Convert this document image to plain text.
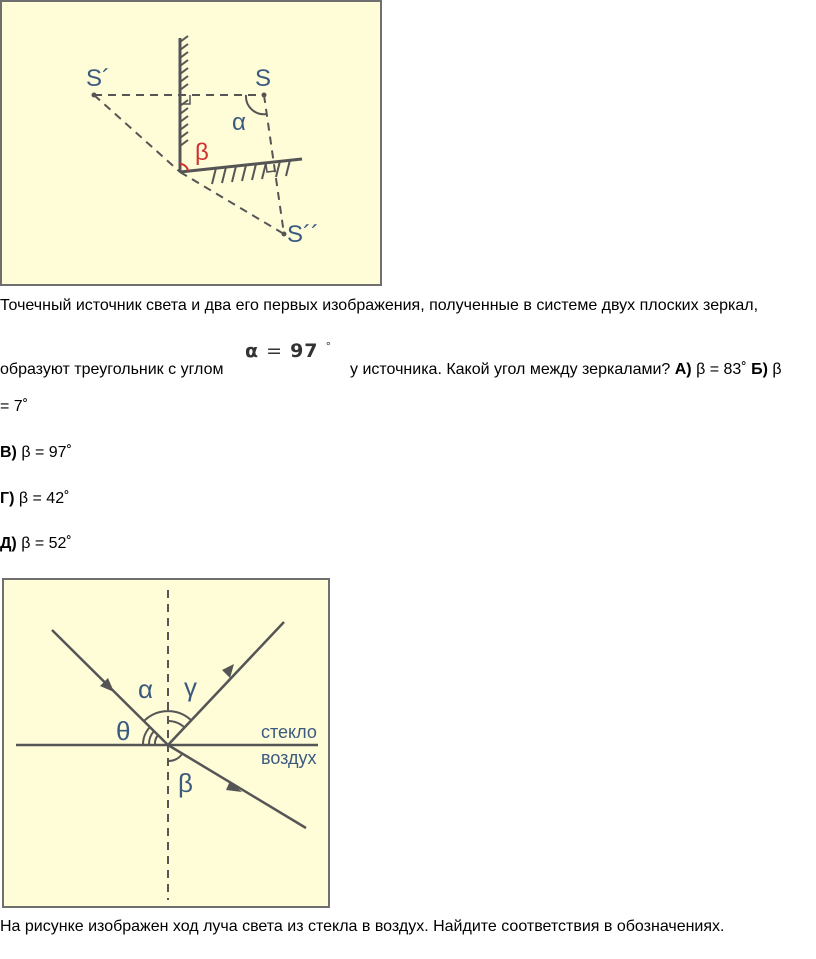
S´	S
S´´
α
β
Точечный источник света и два его первых изображения, полученные в системе двух плоских зеркал,
α = 97 °
образуют треугольник с углом	у источника. Какой угол между зеркалами? А) β = 83˚ Б) β
= 7˚
В) β = 97˚
Г) β = 42˚
Д) β = 52˚
α γ
θ
β
стекло
воздух
На рисунке изображен ход луча света из стекла в воздух. Найдите соответствия в обозначениях.
